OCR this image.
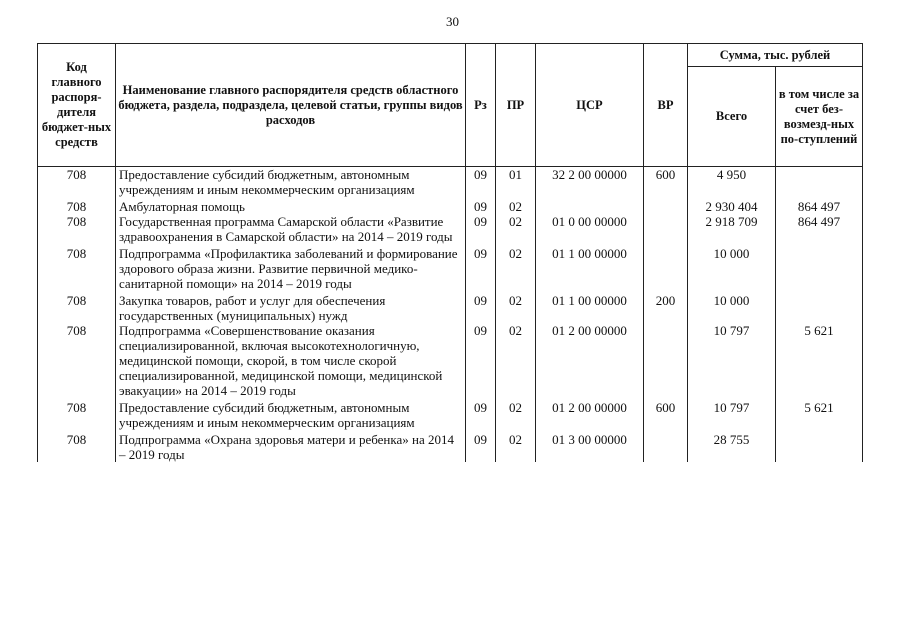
30
Код главного распоря-дителя бюджет-ных средств	Наименование главного распорядителя средств областного бюджета, раздела, подраздела, целевой статьи, группы видов расходов	Рз	ПР	ЦСР	ВР	Сумма, тыс. рублей	
						Всего	в том числе за счет без-возмезд-ных по-ступлений
708	Предоставление субсидий бюджетным, автономным учреждениям и иным некоммерческим организациям	09	01	32 2 00 00000	600	4 950	

708	Амбулаторная помощь	09	02			2 930 404	864 497
708	Государственная программа Самарской области «Развитие здравоохранения в Самарской области» на 2014 – 2019 годы	09	02	01 0 00 00000		2 918 709	864 497

708	Подпрограмма «Профилактика заболеваний и формирование здорового образа жизни. Развитие первичной медико-санитарной помощи» на 2014 – 2019 годы	09	02	01 1 00 00000		10 000	

708	Закупка товаров, работ и услуг для обеспечения государственных (муниципальных) нужд	09	02	01 1 00 00000	200	10 000	
708	Подпрограмма «Совершенствование оказания специализированной, включая высокотехнологичную, медицинской помощи, скорой, в том числе скорой специализированной, медицинской помощи, медицинской эвакуации» на 2014 – 2019 годы	09	02	01 2 00 00000		10 797	5 621

708	Предоставление субсидий бюджетным, автономным учреждениям и иным некоммерческим организациям	09	02	01 2 00 00000	600	10 797	5 621

708	Подпрограмма «Охрана здоровья матери и ребенка» на 2014 – 2019 годы	09	02	01 3 00 00000		28 755	
